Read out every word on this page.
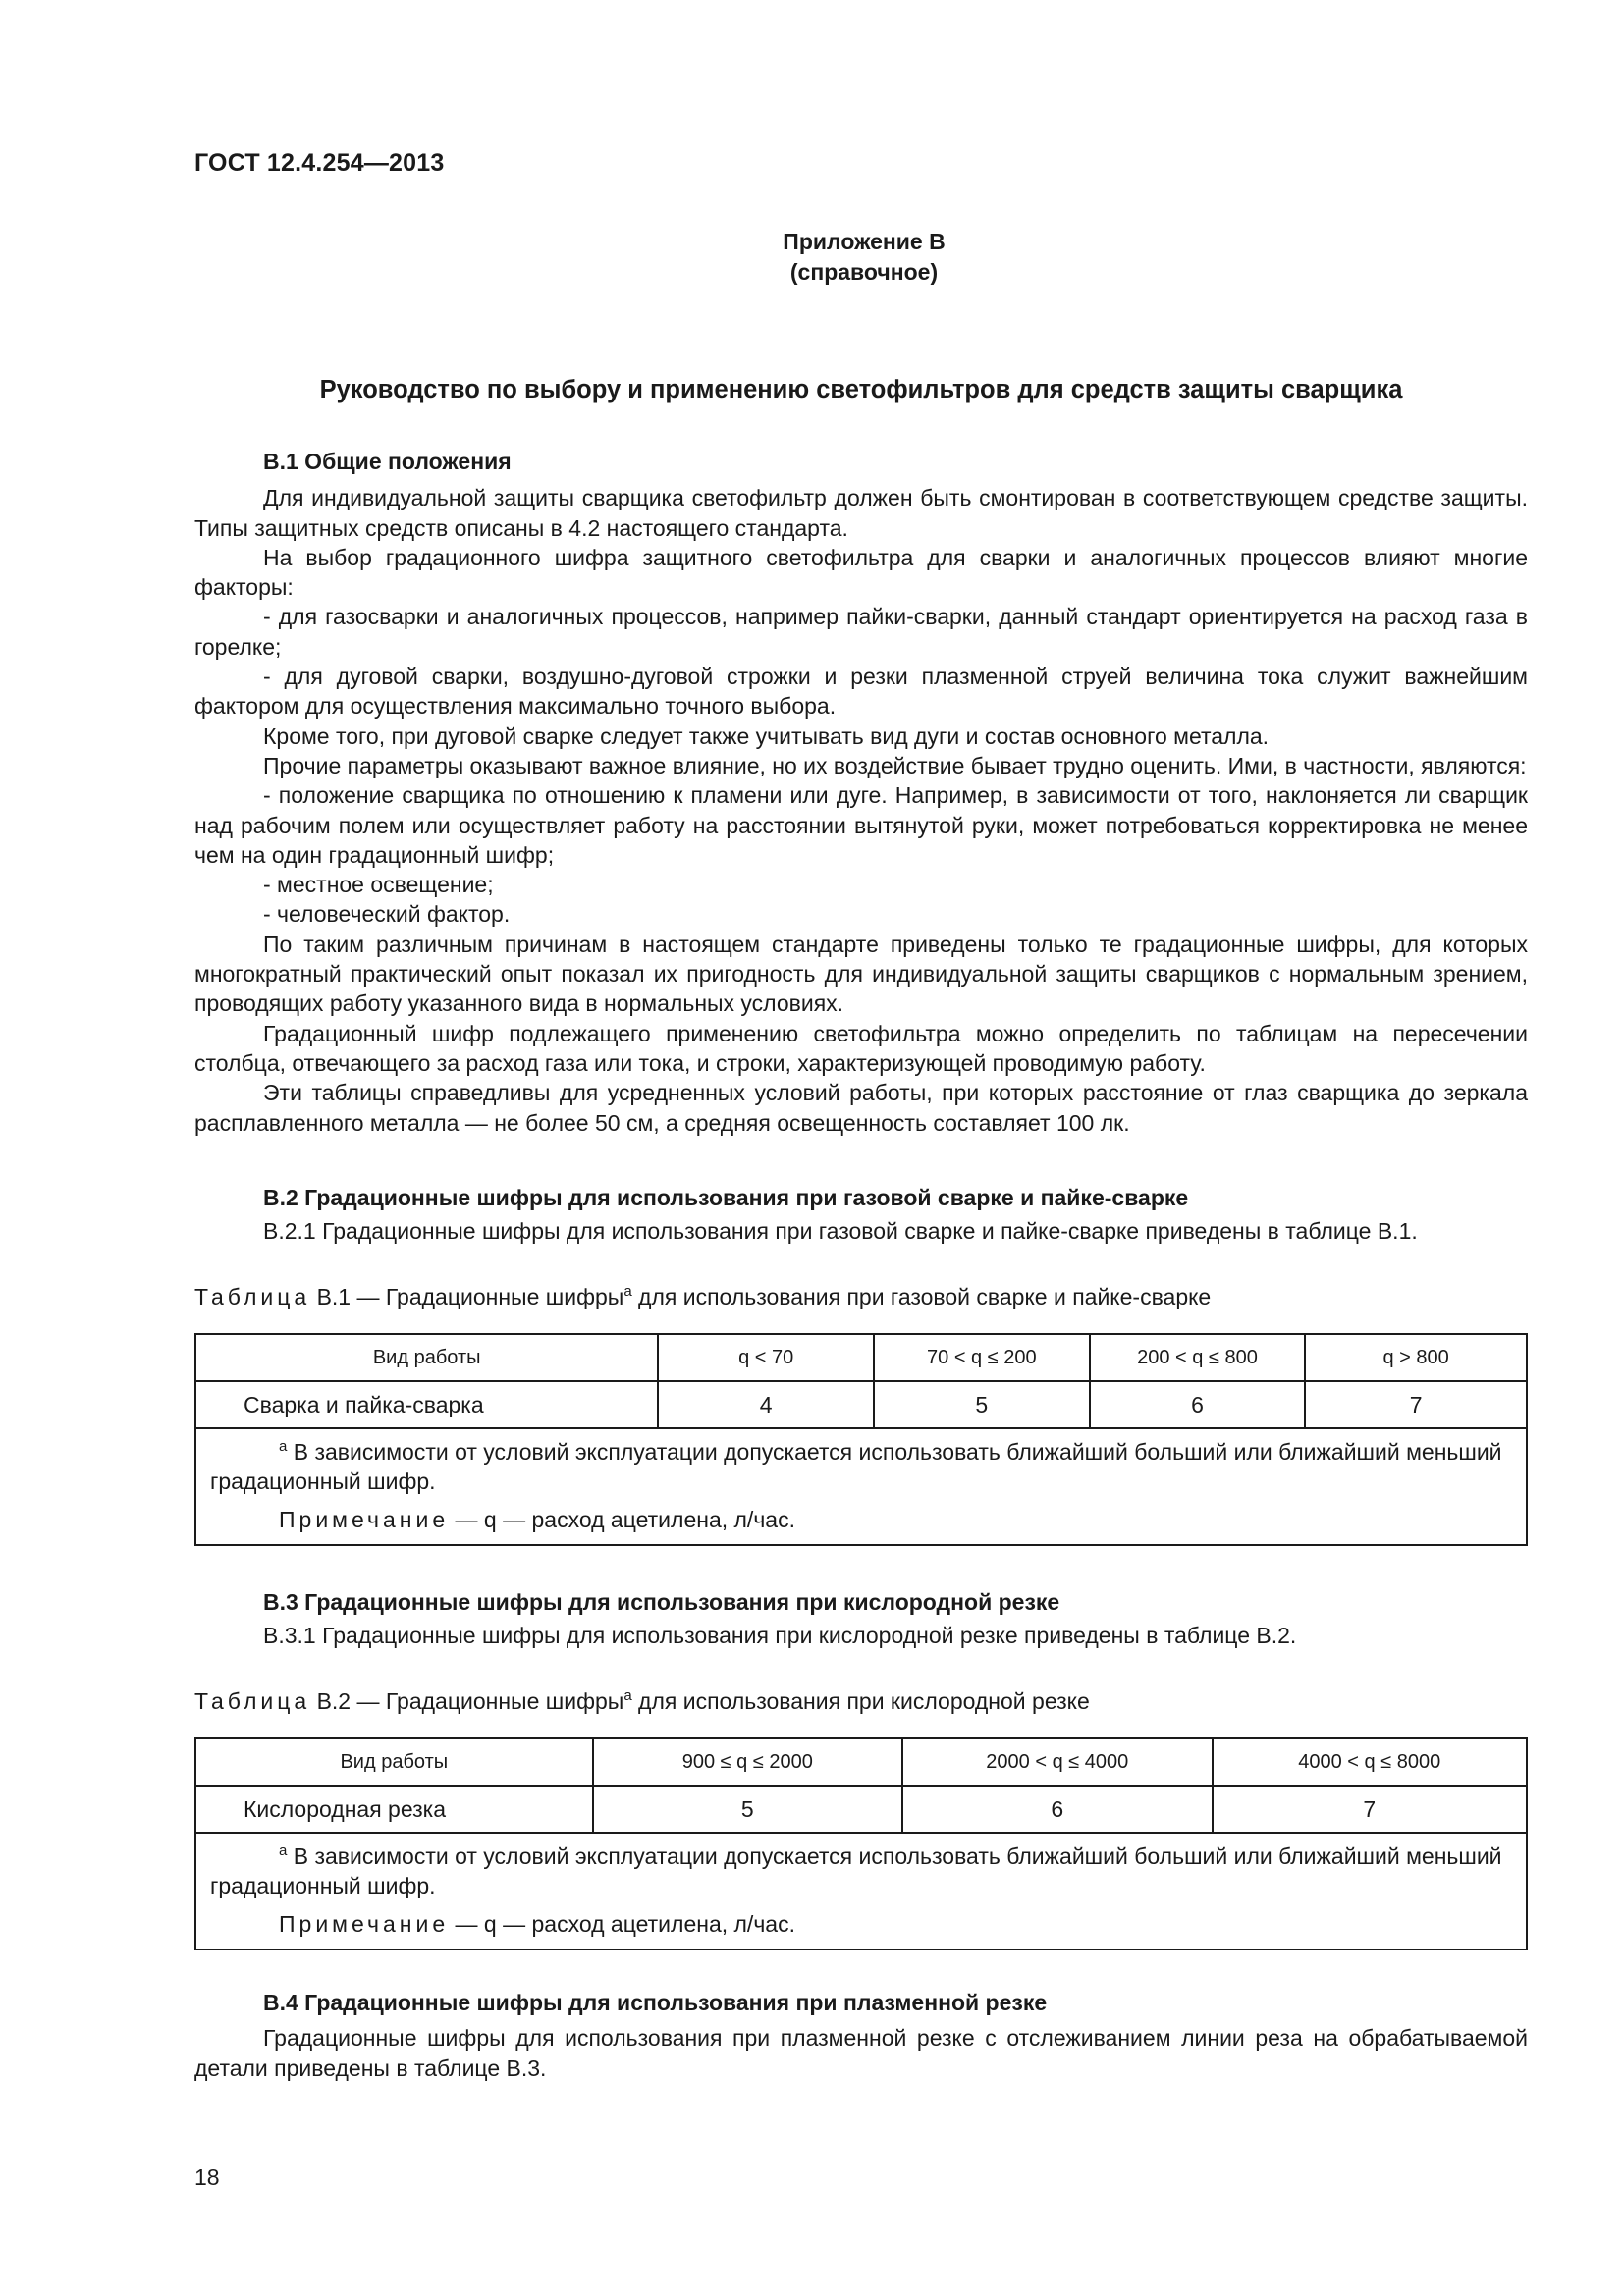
ГОСТ 12.4.254—2013
Приложение В
(справочное)
Руководство по выбору и применению светофильтров для средств защиты сварщика
В.1 Общие положения

Для индивидуальной защиты сварщика светофильтр должен быть смонтирован в соответствующем средстве защиты. Типы защитных средств описаны в 4.2 настоящего стандарта.

На выбор градационного шифра защитного светофильтра для сварки и аналогичных процессов влияют многие факторы:

- для газосварки и аналогичных процессов, например пайки-сварки, данный стандарт ориентируется на расход газа в горелке;

- для дуговой сварки, воздушно-дуговой строжки и резки плазменной струей величина тока служит важнейшим фактором для осуществления максимально точного выбора.

Кроме того, при дуговой сварке следует также учитывать вид дуги и состав основного металла.

Прочие параметры оказывают важное влияние, но их воздействие бывает трудно оценить. Ими, в частности, являются:

- положение сварщика по отношению к пламени или дуге. Например, в зависимости от того, наклоняется ли сварщик над рабочим полем или осуществляет работу на расстоянии вытянутой руки, может потребоваться корректировка не менее чем на один градационный шифр;

- местное освещение;

- человеческий фактор.

По таким различным причинам в настоящем стандарте приведены только те градационные шифры, для которых многократный практический опыт показал их пригодность для индивидуальной защиты сварщиков с нормальным зрением, проводящих работу указанного вида в нормальных условиях.

Градационный шифр подлежащего применению светофильтра можно определить по таблицам на пересечении столбца, отвечающего за расход газа или тока, и строки, характеризующей проводимую работу.

Эти таблицы справедливы для усредненных условий работы, при которых расстояние от глаз сварщика до зеркала расплавленного металла — не более 50 см, а средняя освещенность составляет 100 лк.

В.2 Градационные шифры для использования при газовой сварке и пайке-сварке

В.2.1 Градационные шифры для использования при газовой сварке и пайке-сварке приведены в таблице В.1.

Таблица В.1 — Градационные шифры$^a$ для использования при газовой сварке и пайке-сварке
Вид работы	q < 70	70 < q ≤ 200	200 < q ≤ 800	q > 800
Сварка и пайка-сварка	4	5	6	7

$^a$ В зависимости от условий эксплуатации допускается использовать ближайший больший или ближайший меньший градационный шифр.

Примечание — q — расход ацетилена, л/час.				

В.3 Градационные шифры для использования при кислородной резке

В.3.1 Градационные шифры для использования при кислородной резке приведены в таблице В.2.

Таблица В.2 — Градационные шифры$^a$ для использования при кислородной резке
Вид работы	900 ≤ q ≤ 2000	2000 < q ≤ 4000	4000 < q ≤ 8000
Кислородная резка	5	6	7

$^a$ В зависимости от условий эксплуатации допускается использовать ближайший больший или ближайший меньший градационный шифр.

Примечание — q — расход ацетилена, л/час.			

В.4 Градационные шифры для использования при плазменной резке

Градационные шифры для использования при плазменной резке с отслеживанием линии реза на обрабатываемой детали приведены в таблице В.3.

18
